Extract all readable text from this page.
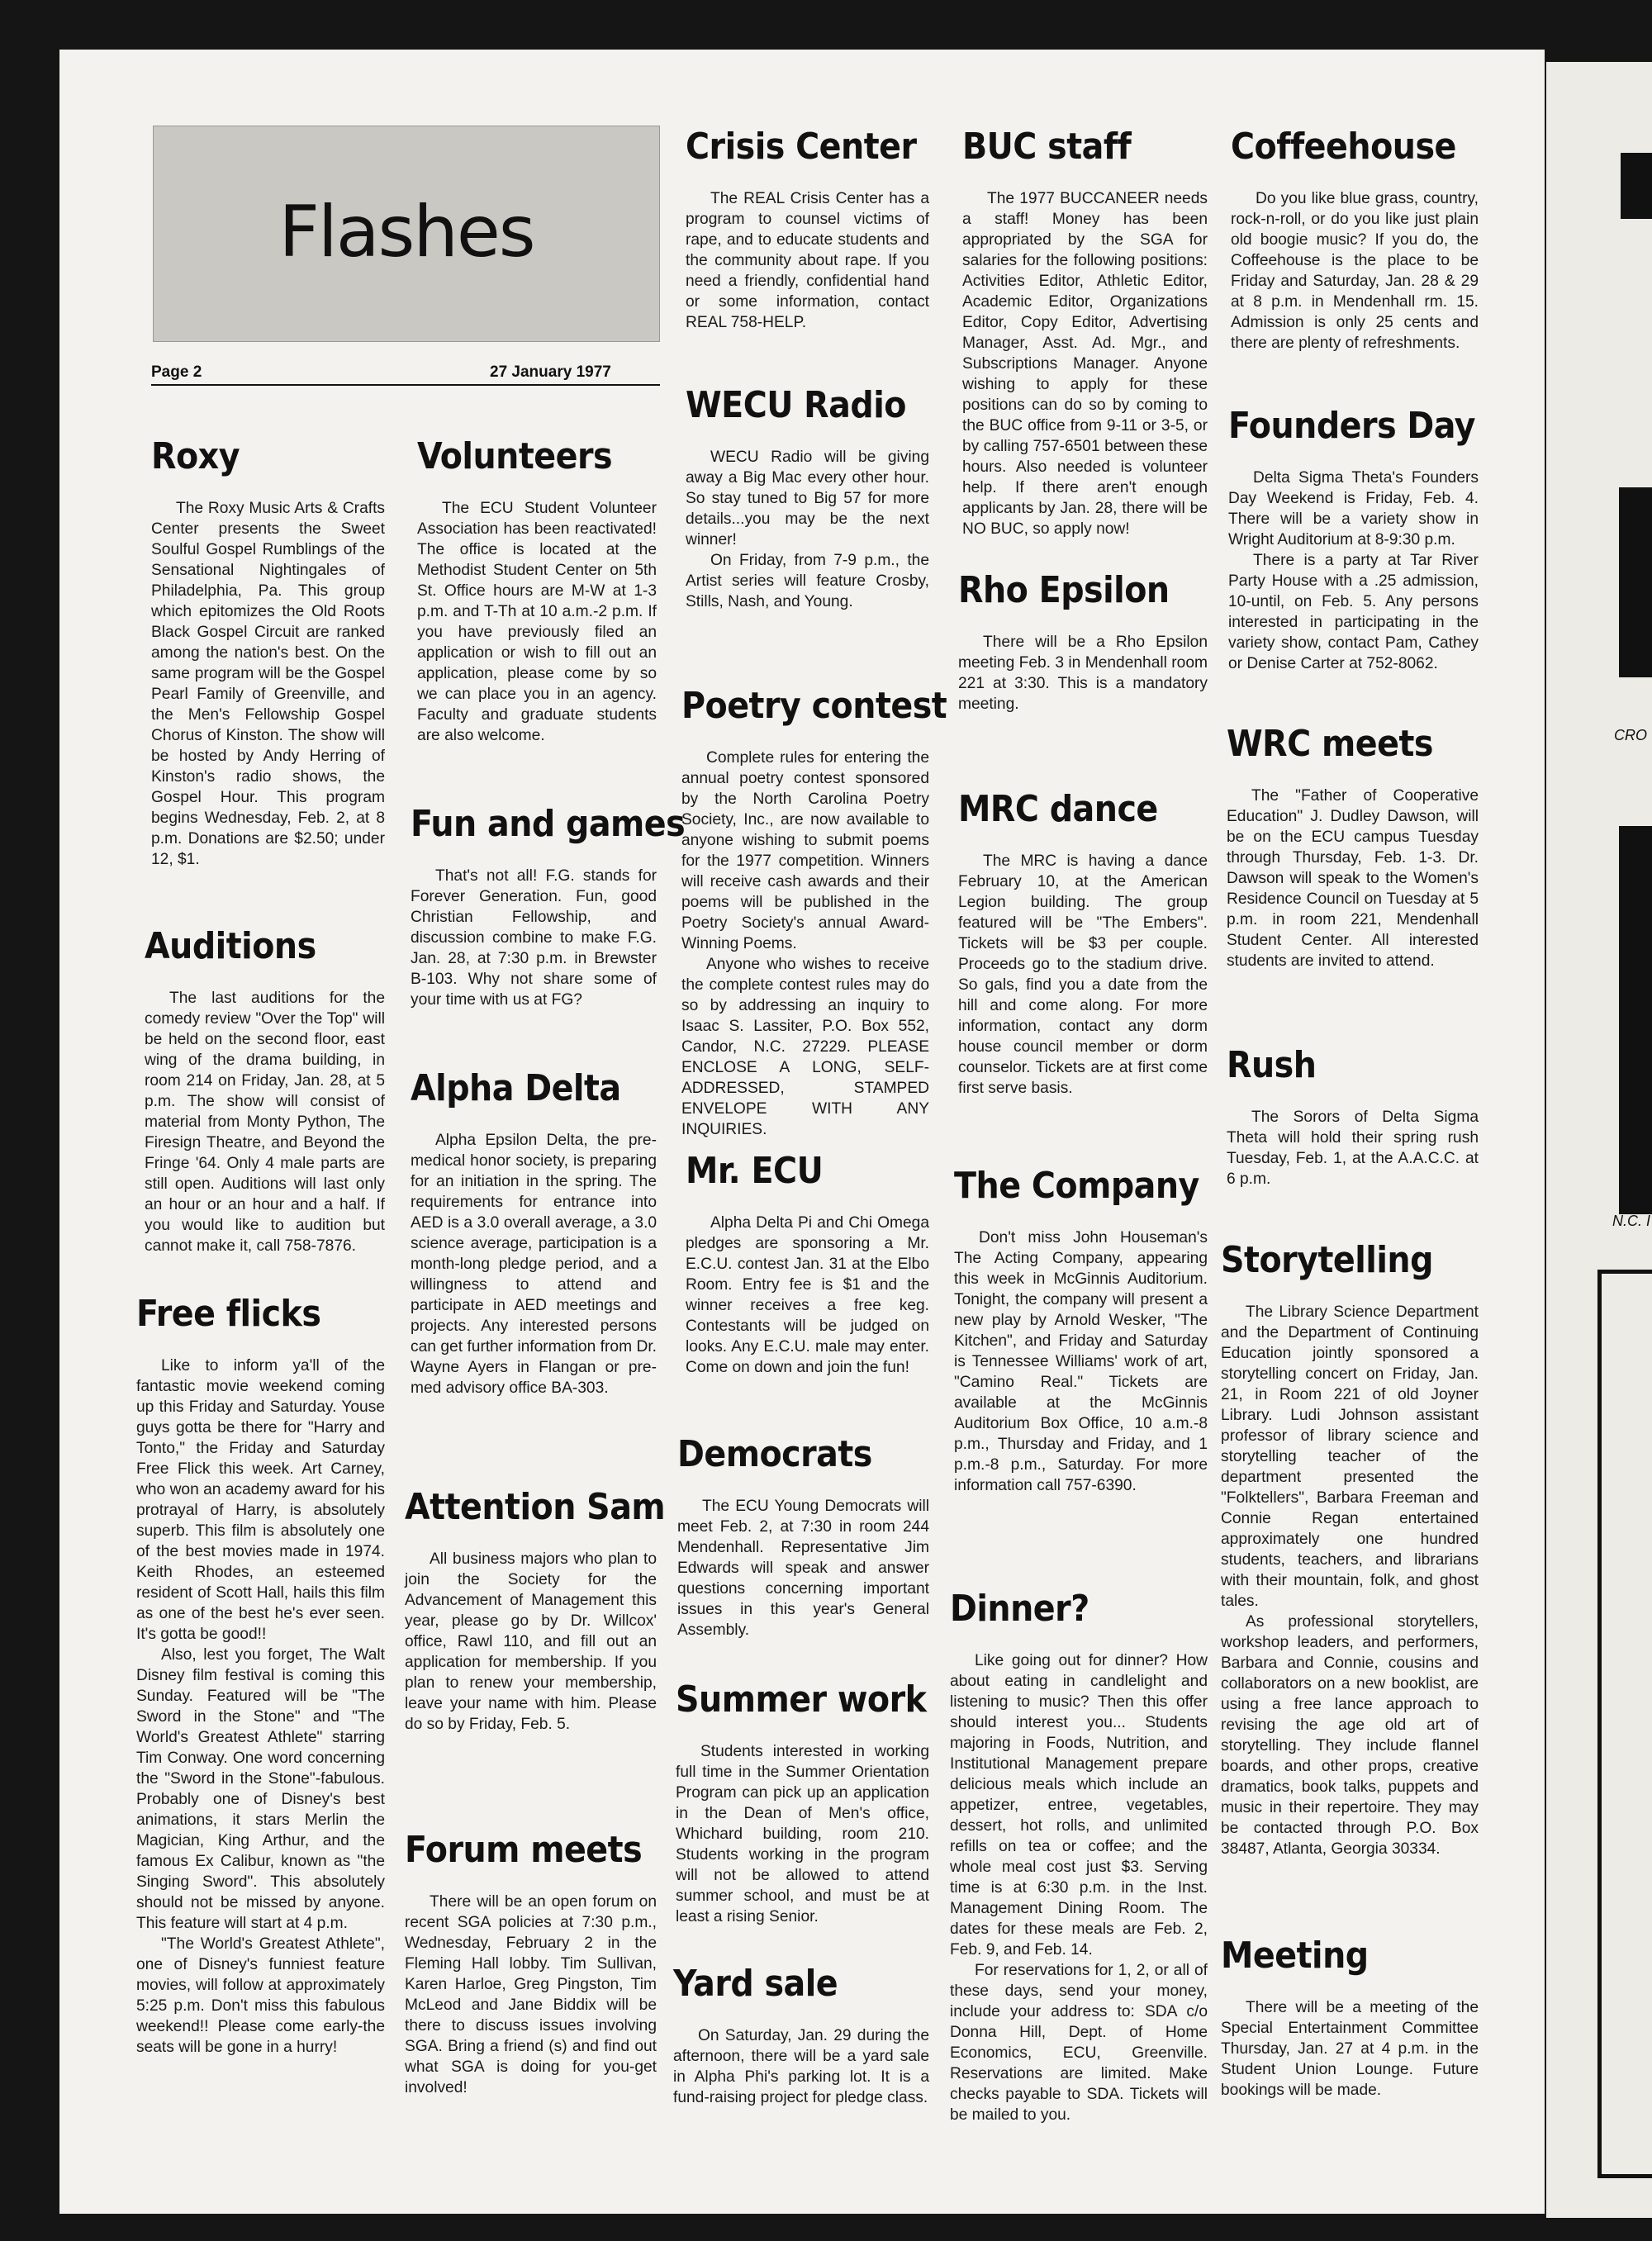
CRO
N.C. I
Flashes
Page 2	27 January 1977
Roxy

The Roxy Music Arts & Crafts Center presents the Sweet Soulful Gospel Rumblings of the Sensational Nightingales of Philadelphia, Pa. This group which epitomizes the Old Roots Black Gospel Circuit are ranked among the nation's best. On the same program will be the Gospel Pearl Family of Greenville, and the Men's Fellowship Gospel Chorus of Kinston. The show will be hosted by Andy Herring of Kinston's radio shows, the Gospel Hour. This program begins Wednesday, Feb. 2, at 8 p.m. Donations are $2.50; under 12, $1.

Auditions

The last auditions for the comedy review "Over the Top" will be held on the second floor, east wing of the drama building, in room 214 on Friday, Jan. 28, at 5 p.m. The show will consist of material from Monty Python, The Firesign Theatre, and Beyond the Fringe '64. Only 4 male parts are still open. Auditions will last only an hour or an hour and a half. If you would like to audition but cannot make it, call 758-7876.

Free flicks

Like to inform ya'll of the fantastic movie weekend coming up this Friday and Saturday. Youse guys gotta be there for "Harry and Tonto," the Friday and Saturday Free Flick this week. Art Carney, who won an academy award for his protrayal of Harry, is absolutely superb. This film is absolutely one of the best movies made in 1974. Keith Rhodes, an esteemed resident of Scott Hall, hails this film as one of the best he's ever seen. It's gotta be good!!

Also, lest you forget, The Walt Disney film festival is coming this Sunday. Featured will be "The Sword in the Stone" and "The World's Greatest Athlete" starring Tim Conway. One word concerning the "Sword in the Stone"-fabulous. Probably one of Disney's best animations, it stars Merlin the Magician, King Arthur, and the famous Ex Calibur, known as "the Singing Sword". This absolutely should not be missed by anyone. This feature will start at 4 p.m.

"The World's Greatest Athlete", one of Disney's funniest feature movies, will follow at approximately 5:25 p.m. Don't miss this fabulous weekend!! Please come early-the seats will be gone in a hurry!

Volunteers

The ECU Student Volunteer Association has been reactivated! The office is located at the Methodist Student Center on 5th St. Office hours are M-W at 1-3 p.m. and T-Th at 10 a.m.-2 p.m. If you have previously filed an application or wish to fill out an application, please come by so we can place you in an agency. Faculty and graduate students are also welcome.

Fun and games

That's not all! F.G. stands for Forever Generation. Fun, good Christian Fellowship, and discussion combine to make F.G. Jan. 28, at 7:30 p.m. in Brewster B-103. Why not share some of your time with us at FG?

Alpha Delta

Alpha Epsilon Delta, the pre-medical honor society, is preparing for an initiation in the spring. The requirements for entrance into AED is a 3.0 overall average, a 3.0 science average, participation is a month-long pledge period, and a willingness to attend and participate in AED meetings and projects. Any interested persons can get further information from Dr. Wayne Ayers in Flangan or pre-med advisory office BA-303.

Attention Sam

All business majors who plan to join the Society for the Advancement of Management this year, please go by Dr. Willcox' office, Rawl 110, and fill out an application for membership. If you plan to renew your membership, leave your name with him. Please do so by Friday, Feb. 5.

Forum meets

There will be an open forum on recent SGA policies at 7:30 p.m., Wednesday, February 2 in the Fleming Hall lobby. Tim Sullivan, Karen Harloe, Greg Pingston, Tim McLeod and Jane Biddix will be there to discuss issues involving SGA. Bring a friend (s) and find out what SGA is doing for you-get involved!

Crisis Center

The REAL Crisis Center has a program to counsel victims of rape, and to educate students and the community about rape. If you need a friendly, confidential hand or some information, contact REAL 758-HELP.

WECU Radio

WECU Radio will be giving away a Big Mac every other hour. So stay tuned to Big 57 for more details...you may be the next winner!

On Friday, from 7-9 p.m., the Artist series will feature Crosby, Stills, Nash, and Young.

Poetry contest

Complete rules for entering the annual poetry contest sponsored by the North Carolina Poetry Society, Inc., are now available to anyone wishing to submit poems for the 1977 competition. Winners will receive cash awards and their poems will be published in the Poetry Society's annual Award-Winning Poems.

Anyone who wishes to receive the complete contest rules may do so by addressing an inquiry to Isaac S. Lassiter, P.O. Box 552, Candor, N.C. 27229. PLEASE ENCLOSE A LONG, SELF-ADDRESSED, STAMPED ENVELOPE WITH ANY INQUIRIES.

Mr. ECU

Alpha Delta Pi and Chi Omega pledges are sponsoring a Mr. E.C.U. contest Jan. 31 at the Elbo Room. Entry fee is $1 and the winner receives a free keg. Contestants will be judged on looks. Any E.C.U. male may enter. Come on down and join the fun!

Democrats

The ECU Young Democrats will meet Feb. 2, at 7:30 in room 244 Mendenhall. Representative Jim Edwards will speak and answer questions concerning important issues in this year's General Assembly.

Summer work

Students interested in working full time in the Summer Orientation Program can pick up an application in the Dean of Men's office, Whichard building, room 210. Students working in the program will not be allowed to attend summer school, and must be at least a rising Senior.

Yard sale

On Saturday, Jan. 29 during the afternoon, there will be a yard sale in Alpha Phi's parking lot. It is a fund-raising project for pledge class.

BUC staff

The 1977 BUCCANEER needs a staff! Money has been appropriated by the SGA for salaries for the following positions: Activities Editor, Athletic Editor, Academic Editor, Organizations Editor, Copy Editor, Advertising Manager, Asst. Ad. Mgr., and Subscriptions Manager. Anyone wishing to apply for these positions can do so by coming to the BUC office from 9-11 or 3-5, or by calling 757-6501 between these hours. Also needed is volunteer help. If there aren't enough applicants by Jan. 28, there will be NO BUC, so apply now!

Rho Epsilon

There will be a Rho Epsilon meeting Feb. 3 in Mendenhall room 221 at 3:30. This is a mandatory meeting.

MRC dance

The MRC is having a dance February 10, at the American Legion building. The group featured will be "The Embers". Tickets will be $3 per couple. Proceeds go to the stadium drive. So gals, find you a date from the hill and come along. For more information, contact any dorm house council member or dorm counselor. Tickets are at first come first serve basis.

The Company

Don't miss John Houseman's The Acting Company, appearing this week in McGinnis Auditorium. Tonight, the company will present a new play by Arnold Wesker, "The Kitchen", and Friday and Saturday is Tennessee Williams' work of art, "Camino Real." Tickets are available at the McGinnis Auditorium Box Office, 10 a.m.-8 p.m., Thursday and Friday, and 1 p.m.-8 p.m., Saturday. For more information call 757-6390.

Dinner?

Like going out for dinner? How about eating in candlelight and listening to music? Then this offer should interest you... Students majoring in Foods, Nutrition, and Institutional Management prepare delicious meals which include an appetizer, entree, vegetables, dessert, hot rolls, and unlimited refills on tea or coffee; and the whole meal cost just $3. Serving time is at 6:30 p.m. in the Inst. Management Dining Room. The dates for these meals are Feb. 2, Feb. 9, and Feb. 14.

For reservations for 1, 2, or all of these days, send your money, include your address to: SDA c/o Donna Hill, Dept. of Home Economics, ECU, Greenville. Reservations are limited. Make checks payable to SDA. Tickets will be mailed to you.

Coffeehouse

Do you like blue grass, country, rock-n-roll, or do you like just plain old boogie music? If you do, the Coffeehouse is the place to be Friday and Saturday, Jan. 28 & 29 at 8 p.m. in Mendenhall rm. 15. Admission is only 25 cents and there are plenty of refreshments.

Founders Day

Delta Sigma Theta's Founders Day Weekend is Friday, Feb. 4. There will be a variety show in Wright Auditorium at 8-9:30 p.m.

There is a party at Tar River Party House with a .25 admission, 10-until, on Feb. 5. Any persons interested in participating in the variety show, contact Pam, Cathey or Denise Carter at 752-8062.

WRC meets

The "Father of Cooperative Education" J. Dudley Dawson, will be on the ECU campus Tuesday through Thursday, Feb. 1-3. Dr. Dawson will speak to the Women's Residence Council on Tuesday at 5 p.m. in room 221, Mendenhall Student Center. All interested students are invited to attend.

Rush

The Sorors of Delta Sigma Theta will hold their spring rush Tuesday, Feb. 1, at the A.A.C.C. at 6 p.m.

Storytelling

The Library Science Department and the Department of Continuing Education jointly sponsored a storytelling concert on Friday, Jan. 21, in Room 221 of old Joyner Library. Ludi Johnson assistant professor of library science and storytelling teacher of the department presented the "Folktellers", Barbara Freeman and Connie Regan entertained approximately one hundred students, teachers, and librarians with their mountain, folk, and ghost tales.

As professional storytellers, workshop leaders, and performers, Barbara and Connie, cousins and collaborators on a new booklist, are using a free lance approach to revising the age old art of storytelling. They include flannel boards, and other props, creative dramatics, book talks, puppets and music in their repertoire. They may be contacted through P.O. Box 38487, Atlanta, Georgia 30334.

Meeting

There will be a meeting of the Special Entertainment Committee Thursday, Jan. 27 at 4 p.m. in the Student Union Lounge. Future bookings will be made.
